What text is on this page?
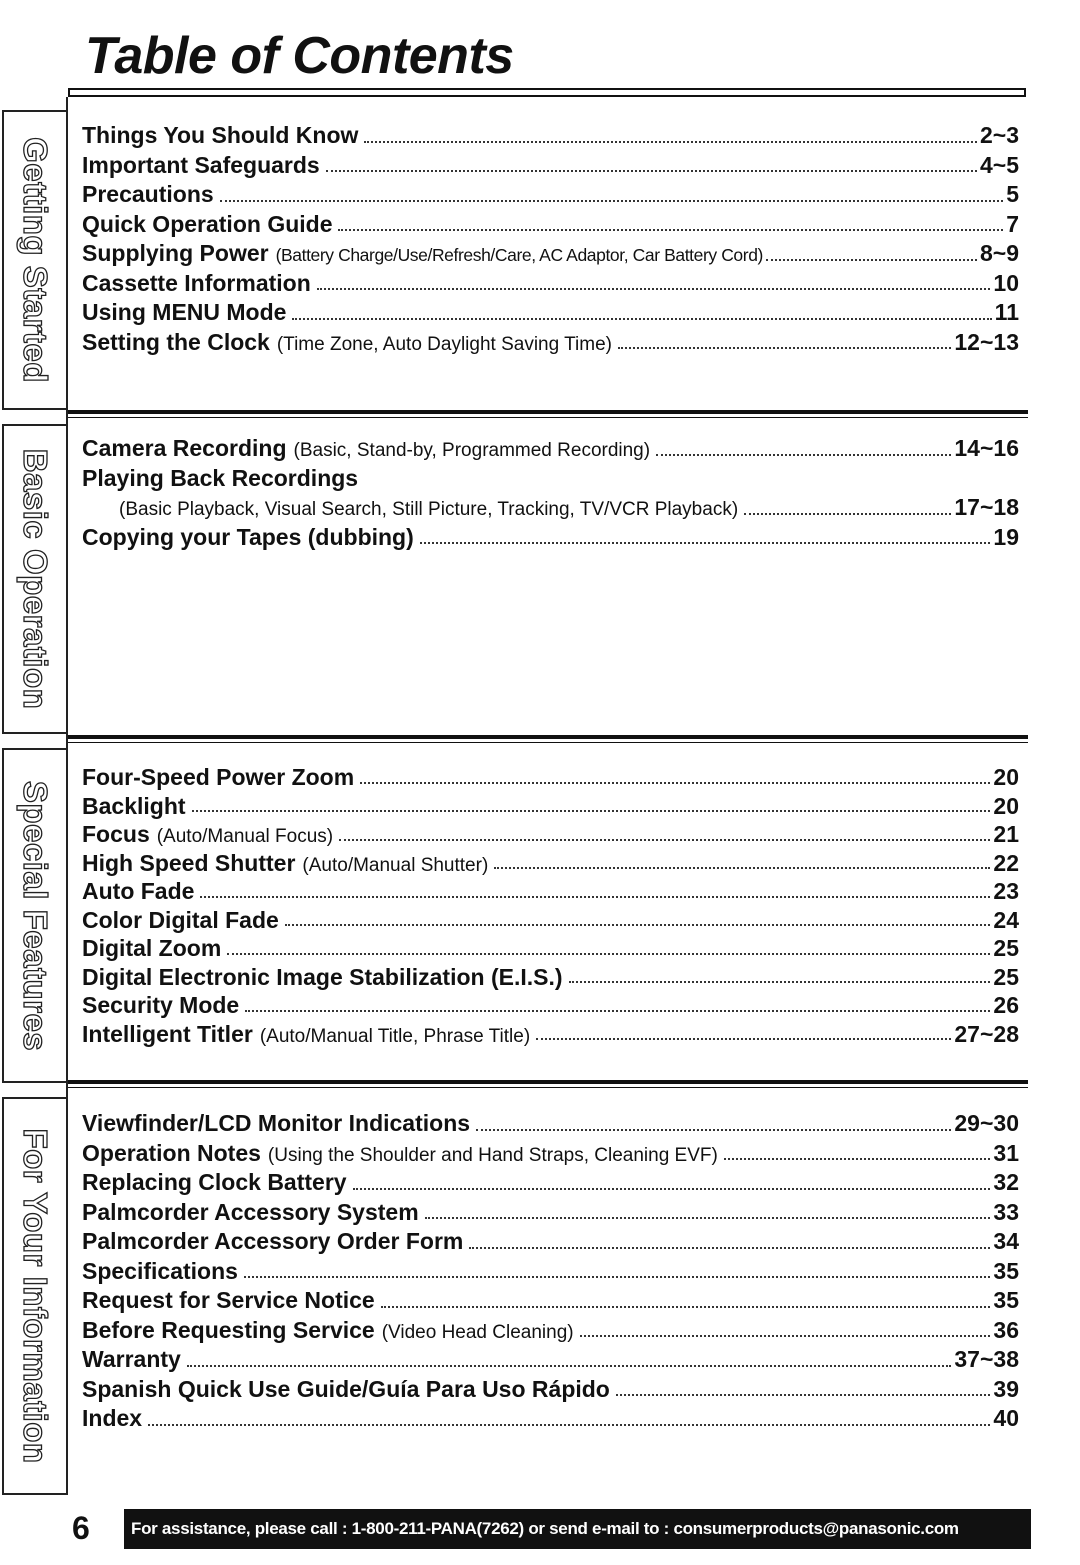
Table of Contents
Getting Started
Basic Operation
Special Features
For Your Information
Things You Should Know	2~3
Important Safeguards	4~5
Precautions	5
Quick Operation Guide	7
Supplying Power (Battery Charge/Use/Refresh/Care, AC Adaptor, Car Battery Cord)	8~9
Cassette Information	10
Using MENU Mode	11
Setting the Clock (Time Zone, Auto Daylight Saving Time)	12~13
Camera Recording (Basic, Stand-by, Programmed Recording)	14~16
Playing Back Recordings
(Basic Playback, Visual Search, Still Picture, Tracking, TV/VCR Playback)	17~18
Copying your Tapes (dubbing)	19
Four-Speed Power Zoom	20
Backlight	20
Focus (Auto/Manual Focus)	21
High Speed Shutter (Auto/Manual Shutter)	22
Auto Fade	23
Color Digital Fade	24
Digital Zoom	25
Digital Electronic Image Stabilization (E.I.S.)	25
Security Mode	26
Intelligent Titler (Auto/Manual Title, Phrase Title)	27~28
Viewfinder/LCD Monitor Indications	29~30
Operation Notes (Using the Shoulder and Hand Straps, Cleaning EVF)	31
Replacing Clock Battery	32
Palmcorder Accessory System	33
Palmcorder Accessory Order Form	34
Specifications	35
Request for Service Notice	35
Before Requesting Service (Video Head Cleaning)	36
Warranty	37~38
Spanish Quick Use Guide/Guía Para Uso Rápido	39
Index	40
6	For assistance, please call : 1-800-211-PANA(7262) or send e-mail to : consumerproducts@panasonic.com
